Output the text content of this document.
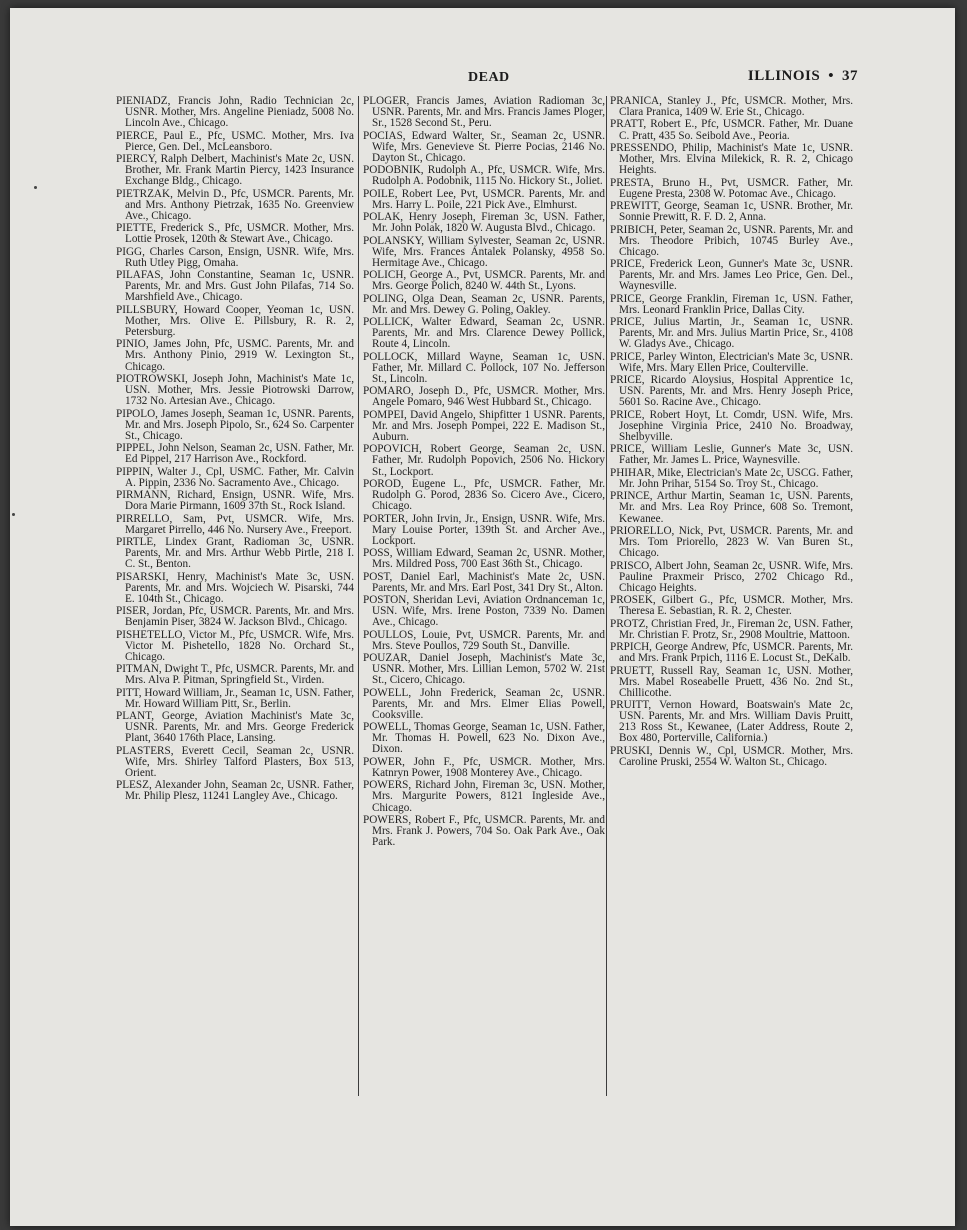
DEAD	ILLINOIS • 37

PIENIADZ, Francis John, Radio Technician 2c, USNR. Mother, Mrs. Angeline Pieniadz, 5008 No. Lincoln Ave., Chicago.

PIERCE, Paul E., Pfc, USMC. Mother, Mrs. Iva Pierce, Gen. Del., McLeansboro.

PIERCY, Ralph Delbert, Machinist's Mate 2c, USN. Brother, Mr. Frank Martin Piercy, 1423 Insurance Exchange Bldg., Chicago.

PIETRZAK, Melvin D., Pfc, USMCR. Parents, Mr. and Mrs. Anthony Pietrzak, 1635 No. Greenview Ave., Chicago.

PIETTE, Frederick S., Pfc, USMCR. Mother, Mrs. Lottie Prosek, 120th & Stewart Ave., Chicago.

PIGG, Charles Carson, Ensign, USNR. Wife, Mrs. Ruth Utley Pigg, Omaha.

PILAFAS, John Constantine, Seaman 1c, USNR. Parents, Mr. and Mrs. Gust John Pilafas, 714 So. Marshfield Ave., Chicago.

PILLSBURY, Howard Cooper, Yeoman 1c, USN. Mother, Mrs. Olive E. Pillsbury, R. R. 2, Petersburg.

PINIO, James John, Pfc, USMC. Parents, Mr. and Mrs. Anthony Pinio, 2919 W. Lexington St., Chicago.

PIOTROWSKI, Joseph John, Machinist's Mate 1c, USN. Mother, Mrs. Jessie Piotrowski Darrow, 1732 No. Artesian Ave., Chicago.

PIPOLO, James Joseph, Seaman 1c, USNR. Parents, Mr. and Mrs. Joseph Pipolo, Sr., 624 So. Carpenter St., Chicago.

PIPPEL, John Nelson, Seaman 2c, USN. Father, Mr. Ed Pippel, 217 Harrison Ave., Rockford.

PIPPIN, Walter J., Cpl, USMC. Father, Mr. Calvin A. Pippin, 2336 No. Sacramento Ave., Chicago.

PIRMANN, Richard, Ensign, USNR. Wife, Mrs. Dora Marie Pirmann, 1609 37th St., Rock Island.

PIRRELLO, Sam, Pvt, USMCR. Wife, Mrs. Margaret Pirrello, 446 No. Nursery Ave., Freeport.

PIRTLE, Lindex Grant, Radioman 3c, USNR. Parents, Mr. and Mrs. Arthur Webb Pirtle, 218 I. C. St., Benton.

PISARSKI, Henry, Machinist's Mate 3c, USN. Parents, Mr. and Mrs. Wojciech W. Pisarski, 744 E. 104th St., Chicago.

PISER, Jordan, Pfc, USMCR. Parents, Mr. and Mrs. Benjamin Piser, 3824 W. Jackson Blvd., Chicago.

PISHETELLO, Victor M., Pfc, USMCR. Wife, Mrs. Victor M. Pishetello, 1828 No. Orchard St., Chicago.

PITMAN, Dwight T., Pfc, USMCR. Parents, Mr. and Mrs. Alva P. Pitman, Springfield St., Virden.

PITT, Howard William, Jr., Seaman 1c, USN. Father, Mr. Howard William Pitt, Sr., Berlin.

PLANT, George, Aviation Machinist's Mate 3c, USNR. Parents, Mr. and Mrs. George Frederick Plant, 3640 176th Place, Lansing.

PLASTERS, Everett Cecil, Seaman 2c, USNR. Wife, Mrs. Shirley Talford Plasters, Box 513, Orient.

PLESZ, Alexander John, Seaman 2c, USNR. Father, Mr. Philip Plesz, 11241 Langley Ave., Chicago.

PLOGER, Francis James, Aviation Radioman 3c, USNR. Parents, Mr. and Mrs. Francis James Ploger, Sr., 1528 Second St., Peru.

POCIAS, Edward Walter, Sr., Seaman 2c, USNR. Wife, Mrs. Genevieve St. Pierre Pocias, 2146 No. Dayton St., Chicago.

PODOBNIK, Rudolph A., Pfc, USMCR. Wife, Mrs. Rudolph A. Podobnik, 1115 No. Hickory St., Joliet.

POILE, Robert Lee, Pvt, USMCR. Parents, Mr. and Mrs. Harry L. Poile, 221 Pick Ave., Elmhurst.

POLAK, Henry Joseph, Fireman 3c, USN. Father, Mr. John Polak, 1820 W. Augusta Blvd., Chicago.

POLANSKY, William Sylvester, Seaman 2c, USNR. Wife, Mrs. Frances Antalek Polansky, 4958 So. Hermitage Ave., Chicago.

POLICH, George A., Pvt, USMCR. Parents, Mr. and Mrs. George Polich, 8240 W. 44th St., Lyons.

POLING, Olga Dean, Seaman 2c, USNR. Parents, Mr. and Mrs. Dewey G. Poling, Oakley.

POLLICK, Walter Edward, Seaman 2c, USNR. Parents, Mr. and Mrs. Clarence Dewey Pollick, Route 4, Lincoln.

POLLOCK, Millard Wayne, Seaman 1c, USN. Father, Mr. Millard C. Pollock, 107 No. Jefferson St., Lincoln.

POMARO, Joseph D., Pfc, USMCR. Mother, Mrs. Angele Pomaro, 946 West Hubbard St., Chicago.

POMPEI, David Angelo, Shipfitter 1 USNR. Parents, Mr. and Mrs. Joseph Pompei, 222 E. Madison St., Auburn.

POPOVICH, Robert George, Seaman 2c, USN. Father, Mr. Rudolph Popovich, 2506 No. Hickory St., Lockport.

POROD, Eugene L., Pfc, USMCR. Father, Mr. Rudolph G. Porod, 2836 So. Cicero Ave., Cicero, Chicago.

PORTER, John Irvin, Jr., Ensign, USNR. Wife, Mrs. Mary Louise Porter, 139th St. and Archer Ave., Lockport.

POSS, William Edward, Seaman 2c, USNR. Mother, Mrs. Mildred Poss, 700 East 36th St., Chicago.

POST, Daniel Earl, Machinist's Mate 2c, USN. Parents, Mr. and Mrs. Earl Post, 341 Dry St., Alton.

POSTON, Sheridan Levi, Aviation Ordnanceman 1c, USN. Wife, Mrs. Irene Poston, 7339 No. Damen Ave., Chicago.

POULLOS, Louie, Pvt, USMCR. Parents, Mr. and Mrs. Steve Poullos, 729 South St., Danville.

POUZAR, Daniel Joseph, Machinist's Mate 3c, USNR. Mother, Mrs. Lillian Lemon, 5702 W. 21st St., Cicero, Chicago.

POWELL, John Frederick, Seaman 2c, USNR. Parents, Mr. and Mrs. Elmer Elias Powell, Cooksville.

POWELL, Thomas George, Seaman 1c, USN. Father, Mr. Thomas H. Powell, 623 No. Dixon Ave., Dixon.

POWER, John F., Pfc, USMCR. Mother, Mrs. Katnryn Power, 1908 Monterey Ave., Chicago.

POWERS, Richard John, Fireman 3c, USN. Mother, Mrs. Margurite Powers, 8121 Ingleside Ave., Chicago.

POWERS, Robert F., Pfc, USMCR. Parents, Mr. and Mrs. Frank J. Powers, 704 So. Oak Park Ave., Oak Park.

PRANICA, Stanley J., Pfc, USMCR. Mother, Mrs. Clara Pranica, 1409 W. Erie St., Chicago.

PRATT, Robert E., Pfc, USMCR. Father, Mr. Duane C. Pratt, 435 So. Seibold Ave., Peoria.

PRESSENDO, Philip, Machinist's Mate 1c, USNR. Mother, Mrs. Elvina Milekick, R. R. 2, Chicago Heights.

PRESTA, Bruno H., Pvt, USMCR. Father, Mr. Eugene Presta, 2308 W. Potomac Ave., Chicago.

PREWITT, George, Seaman 1c, USNR. Brother, Mr. Sonnie Prewitt, R. F. D. 2, Anna.

PRIBICH, Peter, Seaman 2c, USNR. Parents, Mr. and Mrs. Theodore Pribich, 10745 Burley Ave., Chicago.

PRICE, Frederick Leon, Gunner's Mate 3c, USNR. Parents, Mr. and Mrs. James Leo Price, Gen. Del., Waynesville.

PRICE, George Franklin, Fireman 1c, USN. Father, Mrs. Leonard Franklin Price, Dallas City.

PRICE, Julius Martin, Jr., Seaman 1c, USNR. Parents, Mr. and Mrs. Julius Martin Price, Sr., 4108 W. Gladys Ave., Chicago.

PRICE, Parley Winton, Electrician's Mate 3c, USNR. Wife, Mrs. Mary Ellen Price, Coulterville.

PRICE, Ricardo Aloysius, Hospital Apprentice 1c, USN. Parents, Mr. and Mrs. Henry Joseph Price, 5601 So. Racine Ave., Chicago.

PRICE, Robert Hoyt, Lt. Comdr, USN. Wife, Mrs. Josephine Virginia Price, 2410 No. Broadway, Shelbyville.

PRICE, William Leslie, Gunner's Mate 3c, USN. Father, Mr. James L. Price, Waynesville.

PHIHAR, Mike, Electrician's Mate 2c, USCG. Father, Mr. John Prihar, 5154 So. Troy St., Chicago.

PRINCE, Arthur Martin, Seaman 1c, USN. Parents, Mr. and Mrs. Lea Roy Prince, 608 So. Tremont, Kewanee.

PRIORELLO, Nick, Pvt, USMCR. Parents, Mr. and Mrs. Tom Priorello, 2823 W. Van Buren St., Chicago.

PRISCO, Albert John, Seaman 2c, USNR. Wife, Mrs. Pauline Praxmeir Prisco, 2702 Chicago Rd., Chicago Heights.

PROSEK, Gilbert G., Pfc, USMCR. Mother, Mrs. Theresa E. Sebastian, R. R. 2, Chester.

PROTZ, Christian Fred, Jr., Fireman 2c, USN. Father, Mr. Christian F. Protz, Sr., 2908 Moultrie, Mattoon.

PRPICH, George Andrew, Pfc, USMCR. Parents, Mr. and Mrs. Frank Prpich, 1116 E. Locust St., DeKalb.

PRUETT, Russell Ray, Seaman 1c, USN. Mother, Mrs. Mabel Roseabelle Pruett, 436 No. 2nd St., Chillicothe.

PRUITT, Vernon Howard, Boatswain's Mate 2c, USN. Parents, Mr. and Mrs. William Davis Pruitt, 213 Ross St., Kewanee, (Later Address, Route 2, Box 480, Porterville, California.)

PRUSKI, Dennis W., Cpl, USMCR. Mother, Mrs. Caroline Pruski, 2554 W. Walton St., Chicago.
